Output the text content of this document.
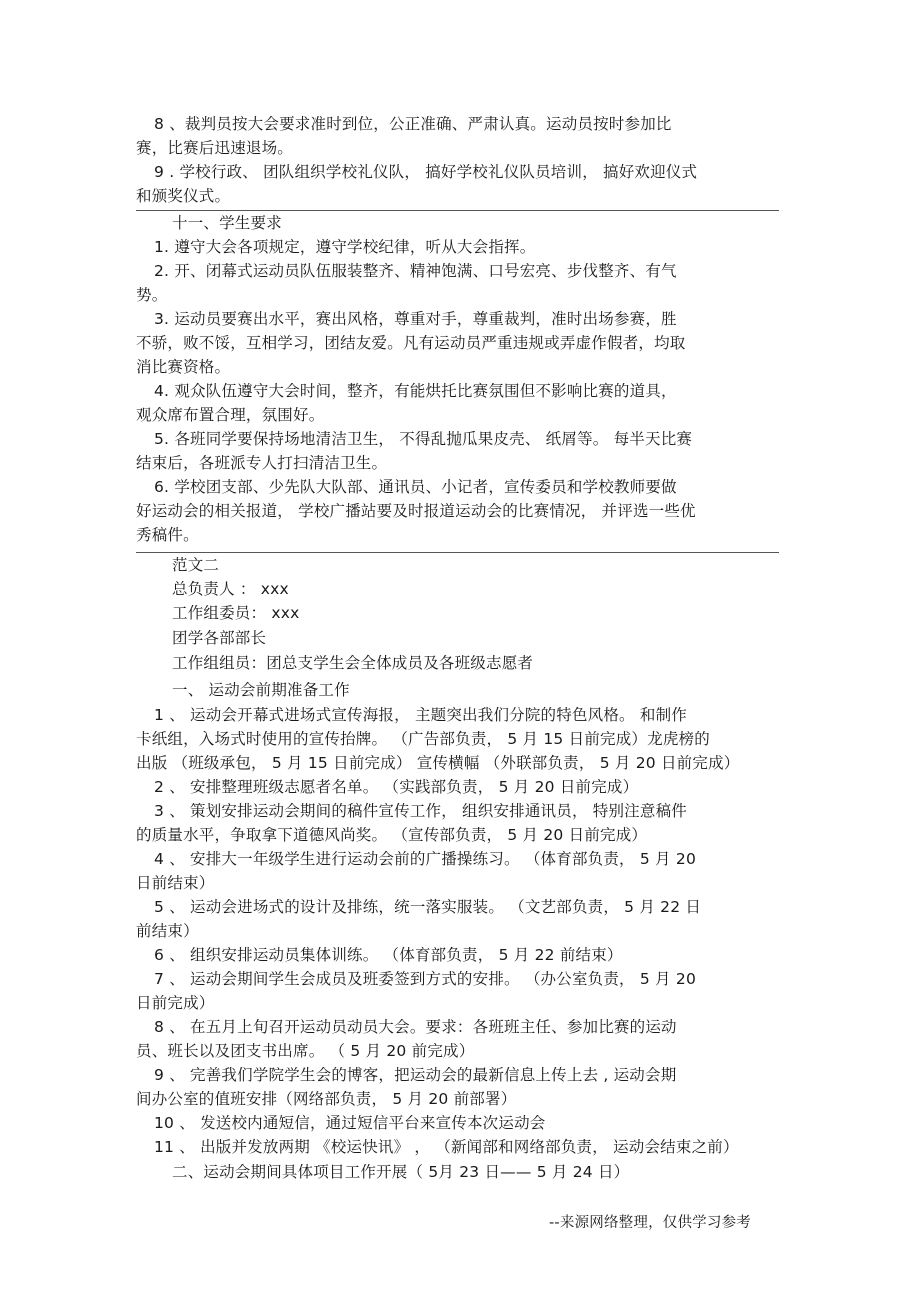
8 、裁判员按大会要求准时到位，公正准确、严肃认真。运动员按时参加比
赛，比赛后迅速退场。
9 . 学校行政、 团队组织学校礼仪队， 搞好学校礼仪队员培训， 搞好欢迎仪式
和颁奖仪式。
十一、学生要求
1. 遵守大会各项规定，遵守学校纪律，听从大会指挥。
2. 开、闭幕式运动员队伍服装整齐、精神饱满、口号宏亮、步伐整齐、有气
势。
3. 运动员要赛出水平，赛出风格，尊重对手，尊重裁判，准时出场参赛，胜
不骄，败不馁，互相学习，团结友爱。凡有运动员严重违规或弄虚作假者，均取
消比赛资格。
4. 观众队伍遵守大会时间，整齐，有能烘托比赛氛围但不影响比赛的道具，
观众席布置合理，氛围好。
5. 各班同学要保持场地清洁卫生， 不得乱抛瓜果皮壳、 纸屑等。 每半天比赛
结束后，各班派专人打扫清洁卫生。
6. 学校团支部、少先队大队部、通讯员、小记者，宣传委员和学校教师要做
好运动会的相关报道， 学校广播站要及时报道运动会的比赛情况， 并评选一些优
秀稿件。
范文二
总负责人 ： xxx
工作组委员： xxx
团学各部部长
工作组组员：团总支学生会全体成员及各班级志愿者
一、 运动会前期准备工作
1 、 运动会开幕式进场式宣传海报， 主题突出我们分院的特色风格。 和制作
卡纸组，入场式时使用的宣传抬牌。 （广告部负责， 5 月 15 日前完成）龙虎榜的
出版 （班级承包， 5 月 15 日前完成） 宣传横幅 （外联部负责， 5 月 20 日前完成）
2 、 安排整理班级志愿者名单。 （实践部负责， 5 月 20 日前完成）
3 、 策划安排运动会期间的稿件宣传工作， 组织安排通讯员， 特别注意稿件
的质量水平，争取拿下道德风尚奖。 （宣传部负责， 5 月 20 日前完成）
4 、 安排大一年级学生进行运动会前的广播操练习。 （体育部负责， 5 月 20
日前结束）
5 、 运动会进场式的设计及排练，统一落实服装。 （文艺部负责， 5 月 22 日
前结束）
6 、 组织安排运动员集体训练。 （体育部负责， 5 月 22 前结束）
7 、 运动会期间学生会成员及班委签到方式的安排。 （办公室负责， 5 月 20
日前完成）
8 、 在五月上旬召开运动员动员大会。要求：各班班主任、参加比赛的运动
员、班长以及团支书出席。 （ 5 月 20 前完成）
9 、 完善我们学院学生会的博客，把运动会的最新信息上传上去 , 运动会期
间办公室的值班安排（网络部负责， 5 月 20 前部署）
10 、 发送校内通短信，通过短信平台来宣传本次运动会
11 、 出版并发放两期 《校运快讯》 ， （新闻部和网络部负责， 运动会结束之前）
二、运动会期间具体项目工作开展（ 5月 23 日—— 5 月 24 日）
--来源网络整理，仅供学习参考
